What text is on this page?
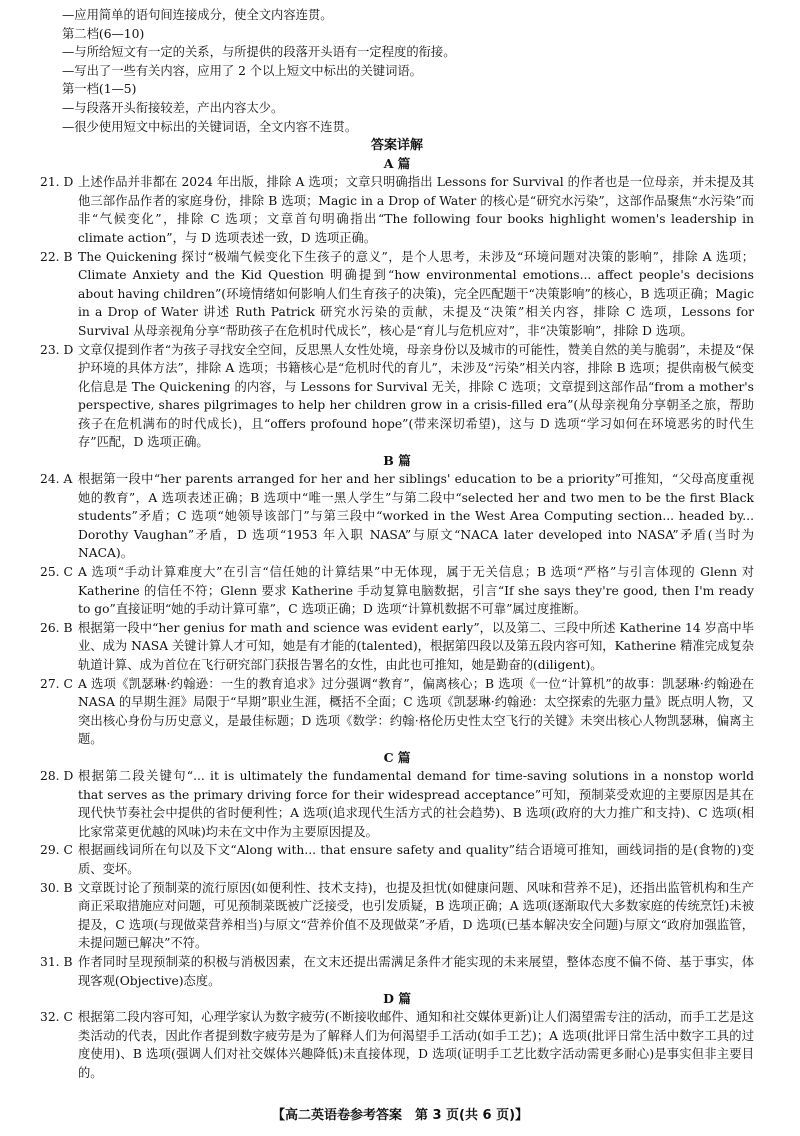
—应用简单的语句间连接成分，使全文内容连贯。

第二档(6—10)

—与所给短文有一定的关系，与所提供的段落开头语有一定程度的衔接。

—写出了一些有关内容，应用了 2 个以上短文中标出的关键词语。

第一档(1—5)

—与段落开头衔接较差，产出内容太少。

—很少使用短文中标出的关键词语，全文内容不连贯。

答案详解
A 篇
21. D 上述作品并非都在 2024 年出版，排除 A 选项；文章只明确指出 Lessons for Survival 的作者也是一位母亲，并未提及其他三部作品作者的家庭身份，排除 B 选项；Magic in a Drop of Water 的核心是“研究水污染”，这部作品聚焦“水污染”而非“气候变化”，排除 C 选项；文章首句明确指出“The following four books highlight women's leadership in climate action”，与 D 选项表述一致，D 选项正确。

22. B The Quickening 探讨“极端气候变化下生孩子的意义”，是个人思考，未涉及“环境问题对决策的影响”，排除 A 选项；Climate Anxiety and the Kid Question 明确提到“how environmental emotions... affect people's decisions about having children”(环境情绪如何影响人们生育孩子的决策)，完全匹配题干“决策影响”的核心，B 选项正确；Magic in a Drop of Water 讲述 Ruth Patrick 研究水污染的贡献，未提及“决策”相关内容，排除 C 选项，Lessons for Survival 从母亲视角分享“帮助孩子在危机时代成长”，核心是“育儿与危机应对”，非“决策影响”，排除 D 选项。

23. D 文章仅提到作者“为孩子寻找安全空间，反思黑人女性处境，母亲身份以及城市的可能性，赞美自然的美与脆弱”，未提及“保护环境的具体方法”，排除 A 选项；书籍核心是“危机时代的育儿”，未涉及“污染”相关内容，排除 B 选项；提供南极气候变化信息是 The Quickening 的内容，与 Lessons for Survival 无关，排除 C 选项；文章提到这部作品“from a mother's perspective, shares pilgrimages to help her children grow in a crisis-filled era”(从母亲视角分享朝圣之旅，帮助孩子在危机满布的时代成长)，且“offers profound hope”(带来深切希望)，这与 D 选项“学习如何在环境恶劣的时代生存”匹配，D 选项正确。

B 篇
24. A 根据第一段中“her parents arranged for her and her siblings' education to be a priority”可推知，“父母高度重视她的教育”，A 选项表述正确；B 选项中“唯一黑人学生”与第二段中“selected her and two men to be the first Black students”矛盾；C 选项“她领导该部门”与第三段中“worked in the West Area Computing section... headed by... Dorothy Vaughan”矛盾，D 选项“1953 年入职 NASA”与原文“NACA later developed into NASA”矛盾(当时为 NACA)。

25. C A 选项“手动计算难度大”在引言“信任她的计算结果”中无体现，属于无关信息；B 选项“严格”与引言体现的 Glenn 对 Katherine 的信任不符；Glenn 要求 Katherine 手动复算电脑数据，引言“If she says they're good, then I'm ready to go”直接证明“她的手动计算可靠”，C 选项正确；D 选项“计算机数据不可靠”属过度推断。

26. B 根据第一段中“her genius for math and science was evident early”，以及第二、三段中所述 Katherine 14 岁高中毕业、成为 NASA 关键计算人才可知，她是有才能的(talented)，根据第四段以及第五段内容可知，Katherine 精准完成复杂轨道计算、成为首位在飞行研究部门获报告署名的女性，由此也可推知，她是勤奋的(diligent)。

27. C A 选项《凯瑟琳·约翰逊：一生的教育追求》过分强调“教育”，偏离核心；B 选项《一位“计算机”的故事：凯瑟琳·约翰逊在 NASA 的早期生涯》局限于“早期”职业生涯，概括不全面；C 选项《凯瑟琳·约翰逊：太空探索的先驱力量》既点明人物，又突出核心身份与历史意义，是最佳标题；D 选项《数学：约翰·格伦历史性太空飞行的关键》未突出核心人物凯瑟琳，偏离主题。

C 篇
28. D 根据第二段关键句“... it is ultimately the fundamental demand for time-saving solutions in a nonstop world that serves as the primary driving force for their widespread acceptance”可知，预制菜受欢迎的主要原因是其在现代快节奏社会中提供的省时便利性；A 选项(追求现代生活方式的社会趋势)、B 选项(政府的大力推广和支持)、C 选项(相比家常菜更优越的风味)均未在文中作为主要原因提及。

29. C 根据画线词所在句以及下文“Along with... that ensure safety and quality”结合语境可推知，画线词指的是(食物的)变质、变坏。

30. B 文章既讨论了预制菜的流行原因(如便利性、技术支持)，也提及担忧(如健康问题、风味和营养不足)，还指出监管机构和生产商正采取措施应对问题，可见预制菜既被广泛接受，也引发质疑，B 选项正确；A 选项(逐渐取代大多数家庭的传统烹饪)未被提及，C 选项(与现做菜营养相当)与原文“营养价值不及现做菜”矛盾，D 选项(已基本解决安全问题)与原文“政府加强监管，未提问题已解决”不符。

31. B 作者同时呈现预制菜的积极与消极因素，在文末还提出需满足条件才能实现的未来展望，整体态度不偏不倚、基于事实，体现客观(Objective)态度。

D 篇
32. C 根据第二段内容可知，心理学家认为数字疲劳(不断接收邮件、通知和社交媒体更新)让人们渴望需专注的活动，而手工艺是这类活动的代表，因此作者提到数字疲劳是为了解释人们为何渴望手工活动(如手工艺)；A 选项(批评日常生活中数字工具的过度使用)、B 选项(强调人们对社交媒体兴趣降低)未直接体现，D 选项(证明手工艺比数字活动需更多耐心)是事实但非主要目的。

【高二英语卷参考答案　第 3 页(共 6 页)】
